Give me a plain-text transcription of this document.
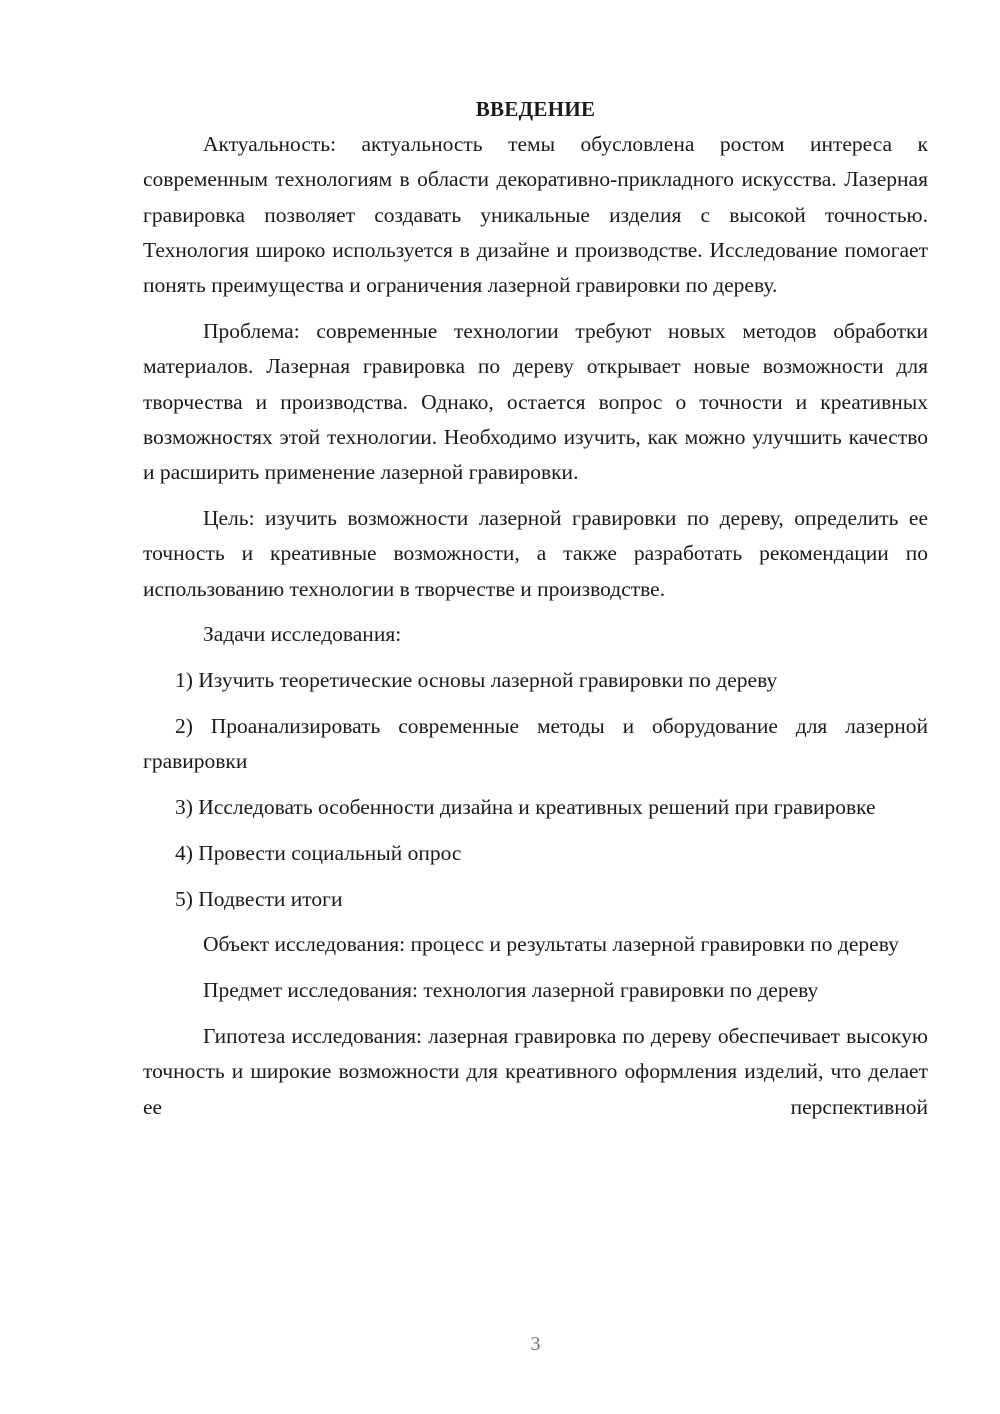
ВВЕДЕНИЕ

Актуальность: актуальность темы обусловлена ростом интереса к современным технологиям в области декоративно-прикладного искусства. Лазерная гравировка позволяет создавать уникальные изделия с высокой точностью. Технология широко используется в дизайне и производстве. Исследование помогает понять преимущества и ограничения лазерной гравировки по дереву.

Проблема: современные технологии требуют новых методов обработки материалов. Лазерная гравировка по дереву открывает новые возможности для творчества и производства. Однако, остается вопрос о точности и креативных возможностях этой технологии. Необходимо изучить, как можно улучшить качество и расширить применение лазерной гравировки.

Цель: изучить возможности лазерной гравировки по дереву, определить ее точность и креативные возможности, а также разработать рекомендации по использованию технологии в творчестве и производстве.

Задачи исследования:

1) Изучить теоретические основы лазерной гравировки по дереву

2) Проанализировать современные методы и оборудование для лазерной гравировки

3) Исследовать особенности дизайна и креативных решений при гравировке

4) Провести социальный опрос

5) Подвести итоги

Объект исследования: процесс и результаты лазерной гравировки по дереву

Предмет исследования: технология лазерной гравировки по дереву

Гипотеза исследования: лазерная гравировка по дереву обеспечивает высокую точность и широкие возможности для креативного оформления изделий, что делает ее перспективной

3
